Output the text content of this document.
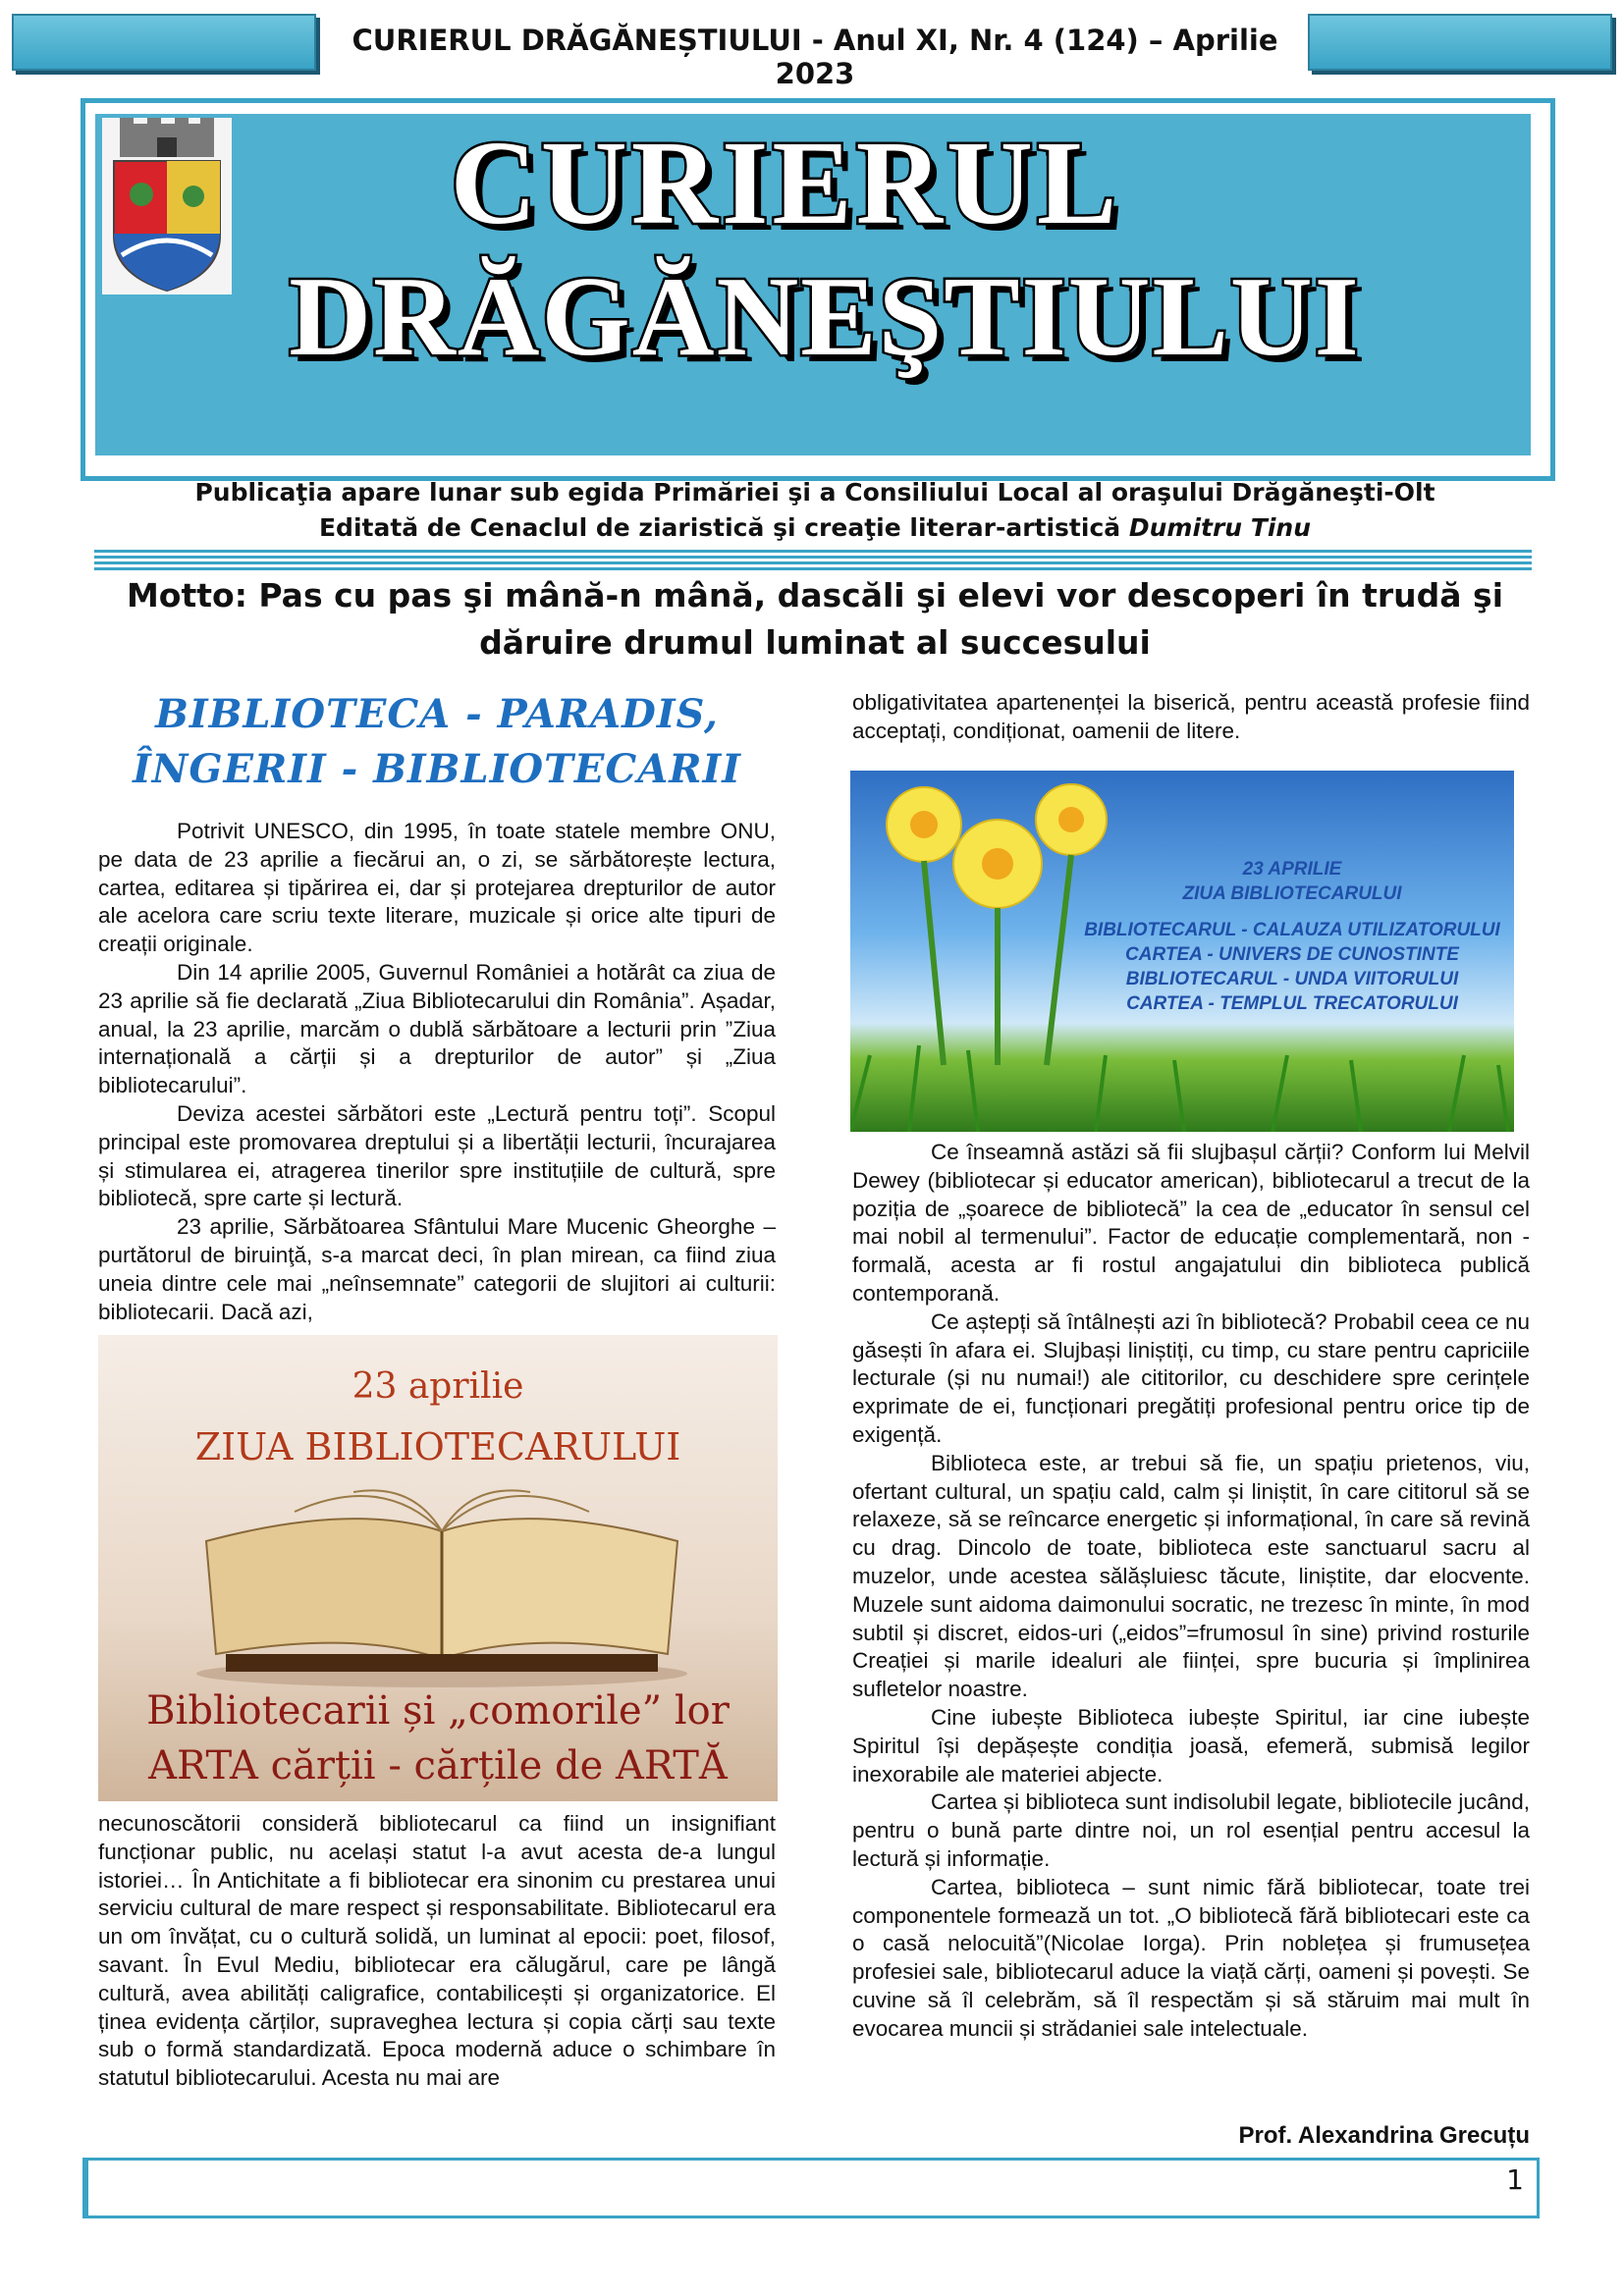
CURIERUL DRĂGĂNEȘTIULUI - Anul XI, Nr. 4 (124) – Aprilie 2023
CURIERUL
DRĂGĂNEŞTIULUI
Publicaţia apare lunar sub egida Primăriei şi a Consiliului Local al oraşului Drăgăneşti-Olt
Editată de Cenaclul de ziaristică şi creaţie literar-artistică Dumitru Tinu
Motto: Pas cu pas şi mână-n mână, dascăli şi elevi vor descoperi în trudă şi dăruire drumul luminat al succesului
BIBLIOTECA - PARADIS,
ÎNGERII - BIBLIOTECARII

Potrivit UNESCO, din 1995, în toate statele membre ONU, pe data de 23 aprilie a fiecărui an, o zi, se sărbătorește lectura, cartea, editarea și tipărirea ei, dar și protejarea drepturilor de autor ale acelora care scriu texte literare, muzicale și orice alte tipuri de creații originale.

Din 14 aprilie 2005, Guvernul României a hotărât ca ziua de 23 aprilie să fie declarată „Ziua Bibliotecarului din România”. Așadar, anual, la 23 aprilie, marcăm o dublă sărbătoare a lecturii prin ”Ziua internațională a cărții și a drepturilor de autor” și „Ziua bibliotecarului”.

Deviza acestei sărbători este „Lectură pentru toți”. Scopul principal este promovarea dreptului și a libertății lecturii, încurajarea și stimularea ei, atragerea tinerilor spre instituțiile de cultură, spre bibliotecă, spre carte și lectură.

23 aprilie, Sărbătoarea Sfântului Mare Mucenic Gheorghe – purtătorul de biruinţă, s-a marcat deci, în plan mirean, ca fiind ziua uneia dintre cele mai „neînsemnate” categorii de slujitori ai culturii: bibliotecarii. Dacă azi,

23 aprilie
ZIUA BIBLIOTECARULUI
Bibliotecarii și „comorile” lor
ARTA cărții - cărțile de ARTĂ

necunoscătorii consideră bibliotecarul ca fiind un insignifiant funcționar public, nu același statut l-a avut acesta de-a lungul istoriei… În Antichitate a fi bibliotecar era sinonim cu prestarea unui serviciu cultural de mare respect și responsabilitate. Bibliotecarul era un om învățat, cu o cultură solidă, un luminat al epocii: poet, filosof, savant. În Evul Mediu, bibliotecar era călugărul, care pe lângă cultură, avea abilități caligrafice, contabilicești și organizatorice. El ținea evidența cărților, supraveghea lectura și copia cărți sau texte sub o formă standardizată. Epoca modernă aduce o schimbare în statutul bibliotecarului. Acesta nu mai are

obligativitatea apartenenței la biserică, pentru această profesie fiind acceptați, condiționat, oamenii de litere.

23 APRILIE
ZIUA BIBLIOTECARULUI
BIBLIOTECARUL - CALAUZA UTILIZATORULUI
CARTEA - UNIVERS DE CUNOSTINTE
BIBLIOTECARUL - UNDA VIITORULUI
CARTEA - TEMPLUL TRECATORULUI

Ce înseamnă astăzi să fii slujbașul cărții? Conform lui Melvil Dewey (bibliotecar și educator american), bibliotecarul a trecut de la poziția de „șoarece de bibliotecă” la cea de „educator în sensul cel mai nobil al termenului”. Factor de educație complementară, non - formală, acesta ar fi rostul angajatului din biblioteca publică contemporană.

Ce aștepți să întâlnești azi în bibliotecă? Probabil ceea ce nu găsești în afara ei. Slujbași liniștiți, cu timp, cu stare pentru capriciile lecturale (și nu numai!) ale cititorilor, cu deschidere spre cerințele exprimate de ei, funcționari pregătiți profesional pentru orice tip de exigență.

Biblioteca este, ar trebui să fie, un spațiu prietenos, viu, ofertant cultural, un spațiu cald, calm și liniștit, în care cititorul să se relaxeze, să se reîncarce energetic și informațional, în care să revină cu drag. Dincolo de toate, biblioteca este sanctuarul sacru al muzelor, unde acestea sălășluiesc tăcute, liniștite, dar elocvente. Muzele sunt aidoma daimonului socratic, ne trezesc în minte, în mod subtil și discret, eidos-uri („eidos”=frumosul în sine) privind rosturile Creației și marile idealuri ale ființei, spre bucuria și împlinirea sufletelor noastre.

Cine iubește Biblioteca iubește Spiritul, iar cine iubește Spiritul își depășește condiția joasă, efemeră, submisă legilor inexorabile ale materiei abjecte.

Cartea și biblioteca sunt indisolubil legate, bibliotecile jucând, pentru o bună parte dintre noi, un rol esențial pentru accesul la lectură și informație.

Cartea, biblioteca – sunt nimic fără bibliotecar, toate trei componentele formează un tot. „O bibliotecă fără bibliotecari este ca o casă nelocuită”(Nicolae Iorga). Prin noblețea și frumusețea profesiei sale, bibliotecarul aduce la viață cărți, oameni și povești. Se cuvine să îl celebrăm, să îl respectăm și să stăruim mai mult în evocarea muncii și strădaniei sale intelectuale.

Prof. Alexandrina Grecuțu
1
